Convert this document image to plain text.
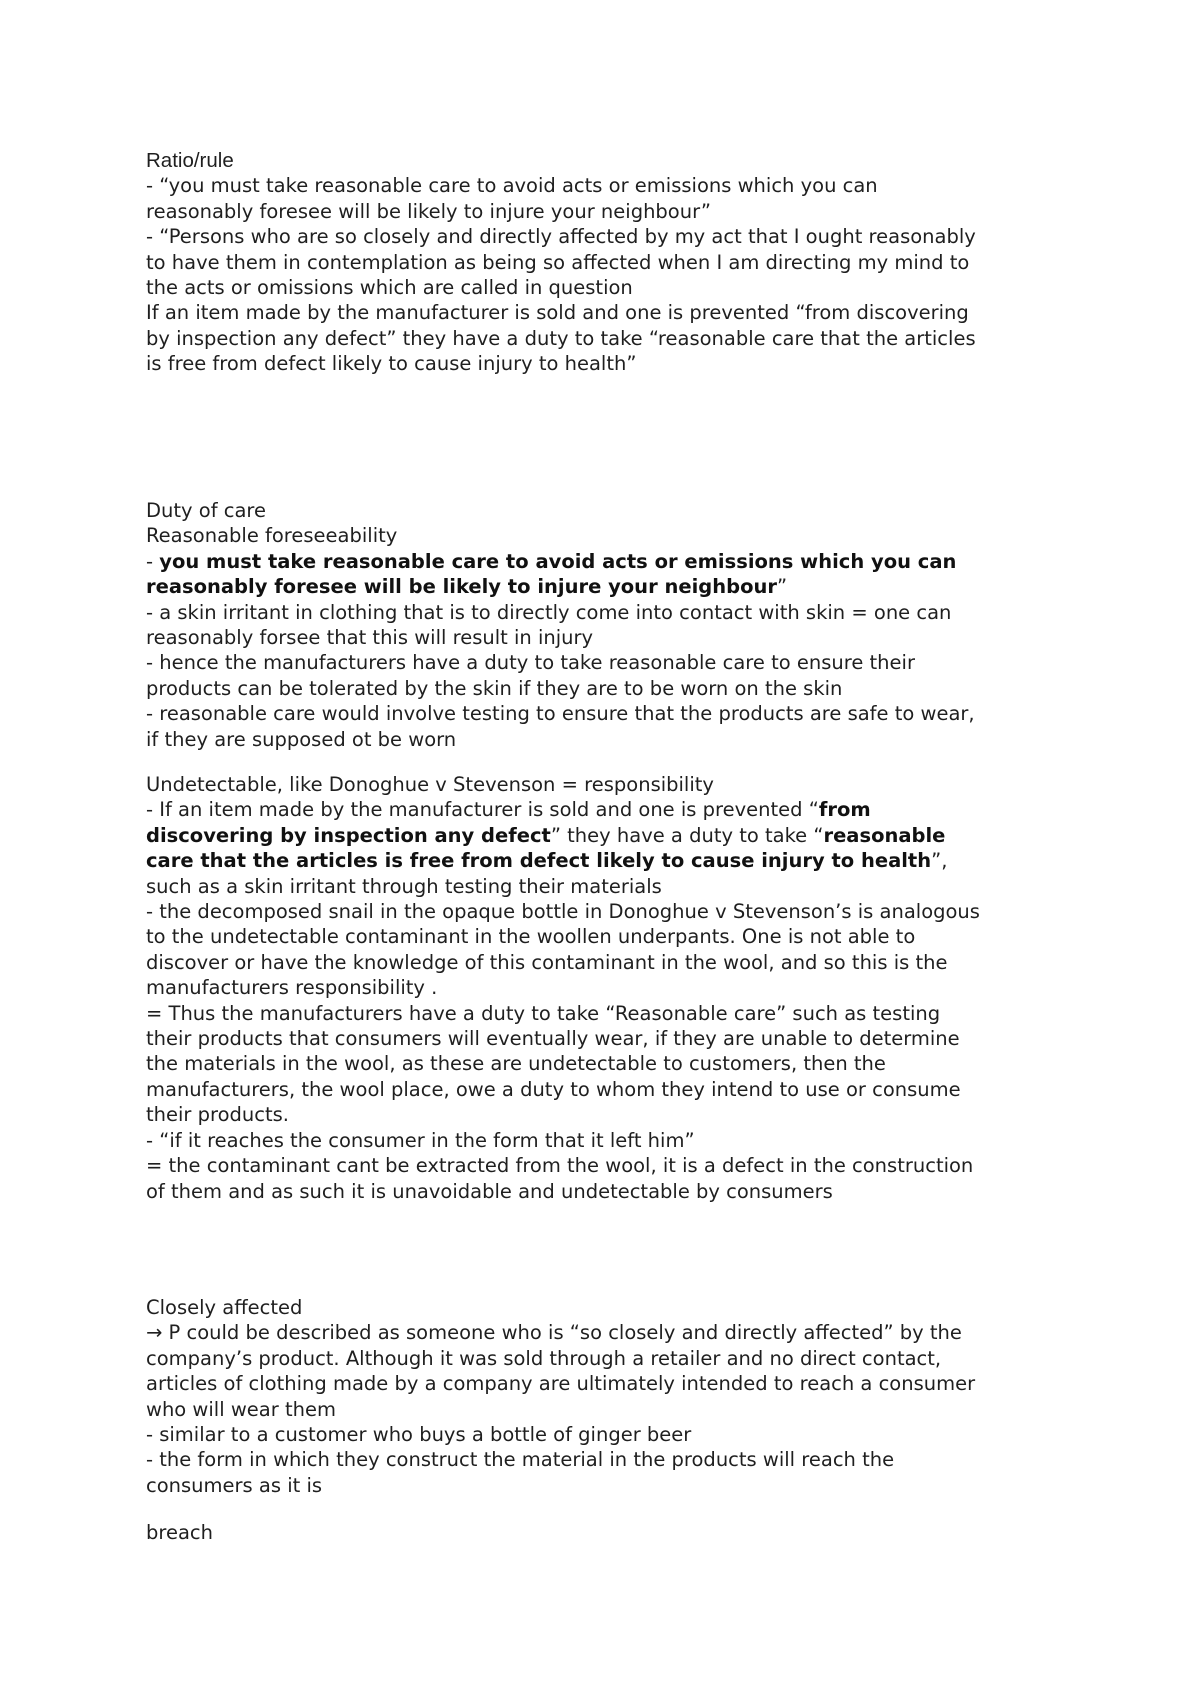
Ratio/rule
- “you must take reasonable care to avoid acts or emissions which you can
reasonably foresee will be likely to injure your neighbour”
- “Persons who are so closely and directly affected by my act that I ought reasonably
to have them in contemplation as being so affected when I am directing my mind to
the acts or omissions which are called in question
If an item made by the manufacturer is sold and one is prevented “from discovering
by inspection any defect” they have a duty to take “reasonable care that the articles
is free from defect likely to cause injury to health”
Duty of care
Reasonable foreseeability
- you must take reasonable care to avoid acts or emissions which you can
reasonably foresee will be likely to injure your neighbour”
- a skin irritant in clothing that is to directly come into contact with skin = one can
reasonably forsee that this will result in injury
- hence the manufacturers have a duty to take reasonable care to ensure their
products can be tolerated by the skin if they are to be worn on the skin
- reasonable care would involve testing to ensure that the products are safe to wear,
if they are supposed ot be worn
Undetectable, like Donoghue v Stevenson = responsibility
- If an item made by the manufacturer is sold and one is prevented “from
discovering by inspection any defect” they have a duty to take “reasonable
care that the articles is free from defect likely to cause injury to health”,
such as a skin irritant through testing their materials
- the decomposed snail in the opaque bottle in Donoghue v Stevenson’s is analogous
to the undetectable contaminant in the woollen underpants. One is not able to
discover or have the knowledge of this contaminant in the wool, and so this is the
manufacturers responsibility .
= Thus the manufacturers have a duty to take “Reasonable care” such as testing
their products that consumers will eventually wear, if they are unable to determine
the materials in the wool, as these are undetectable to customers, then the
manufacturers, the wool place, owe a duty to whom they intend to use or consume
their products.
- “if it reaches the consumer in the form that it left him”
= the contaminant cant be extracted from the wool, it is a defect in the construction
of them and as such it is unavoidable and undetectable by consumers
Closely affected
→ P could be described as someone who is “so closely and directly affected” by the
company’s product. Although it was sold through a retailer and no direct contact,
articles of clothing made by a company are ultimately intended to reach a consumer
who will wear them
- similar to a customer who buys a bottle of ginger beer
- the form in which they construct the material in the products will reach the
consumers as it is
breach
